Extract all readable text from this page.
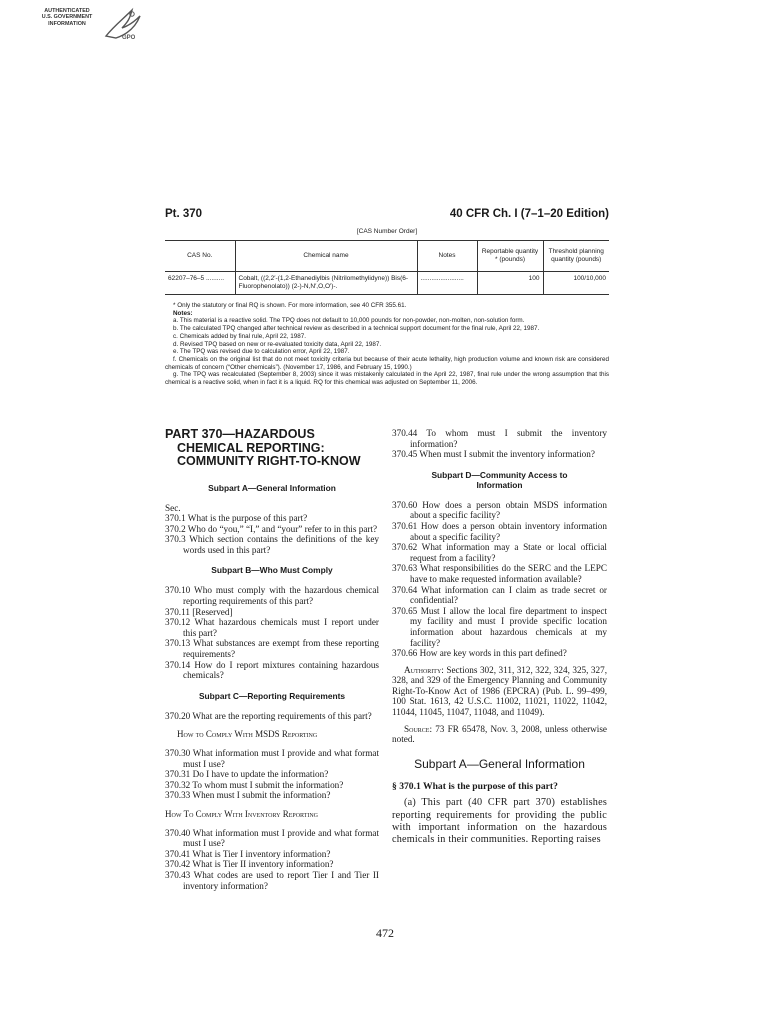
AUTHENTICATED
U.S. GOVERNMENT
INFORMATION
GPO
Pt. 370	40 CFR Ch. I (7–1–20 Edition)
[CAS Number Order]
CAS No.	Chemical name	Notes	Reportable quantity * (pounds)	Threshold planning quantity (pounds)
62207–76–5 ..........	Cobalt, ((2,2′-(1,2-Ethanediylbis (Nitrilomethylidyne)) Bis(6-Fluorophenolato)) (2-)-N,N′,O,O′)-.	........................	100	100/10,000

* Only the statutory or final RQ is shown. For more information, see 40 CFR 355.61.

Notes:

a. This material is a reactive solid. The TPQ does not default to 10,000 pounds for non-powder, non-molten, non-solution form.

b. The calculated TPQ changed after technical review as described in a technical support document for the final rule, April 22, 1987.

c. Chemicals added by final rule, April 22, 1987.

d. Revised TPQ based on new or re-evaluated toxicity data, April 22, 1987.

e. The TPQ was revised due to calculation error, April 22, 1987.

f. Chemicals on the original list that do not meet toxicity criteria but because of their acute lethality, high production volume and known risk are considered chemicals of concern (“Other chemicals”). (November 17, 1986, and February 15, 1990.)

g. The TPQ was recalculated (September 8, 2003) since it was mistakenly calculated in the April 22, 1987, final rule under the wrong assumption that this chemical is a reactive solid, when in fact it is a liquid. RQ for this chemical was adjusted on September 11, 2006.

PART 370—HAZARDOUS CHEMICAL REPORTING: COMMUNITY RIGHT-TO-KNOW
Subpart A—General Information
Sec.
370.1 What is the purpose of this part?
370.2 Who do “you,” “I,” and “your” refer to in this part?
370.3 Which section contains the definitions of the key words used in this part?
Subpart B—Who Must Comply
370.10 Who must comply with the hazardous chemical reporting requirements of this part?
370.11 [Reserved]
370.12 What hazardous chemicals must I report under this part?
370.13 What substances are exempt from these reporting requirements?
370.14 How do I report mixtures containing hazardous chemicals?
Subpart C—Reporting Requirements
370.20 What are the reporting requirements of this part?
How to Comply With MSDS Reporting
370.30 What information must I provide and what format must I use?
370.31 Do I have to update the information?
370.32 To whom must I submit the information?
370.33 When must I submit the information?
How To Comply With Inventory Reporting
370.40 What information must I provide and what format must I use?
370.41 What is Tier I inventory information?
370.42 What is Tier II inventory information?
370.43 What codes are used to report Tier I and Tier II inventory information?
370.44 To whom must I submit the inventory information?
370.45 When must I submit the inventory information?
Subpart D—Community Access to Information
370.60 How does a person obtain MSDS information about a specific facility?
370.61 How does a person obtain inventory information about a specific facility?
370.62 What information may a State or local official request from a facility?
370.63 What responsibilities do the SERC and the LEPC have to make requested information available?
370.64 What information can I claim as trade secret or confidential?
370.65 Must I allow the local fire department to inspect my facility and must I provide specific location information about hazardous chemicals at my facility?
370.66 How are key words in this part defined?

Authority: Sections 302, 311, 312, 322, 324, 325, 327, 328, and 329 of the Emergency Planning and Community Right-To-Know Act of 1986 (EPCRA) (Pub. L. 99–499, 100 Stat. 1613, 42 U.S.C. 11002, 11021, 11022, 11042, 11044, 11045, 11047, 11048, and 11049).

Source: 73 FR 65478, Nov. 3, 2008, unless otherwise noted.

Subpart A—General Information
§ 370.1 What is the purpose of this part?

(a) This part (40 CFR part 370) establishes reporting requirements for providing the public with important information on the hazardous chemicals in their communities. Reporting raises

472
